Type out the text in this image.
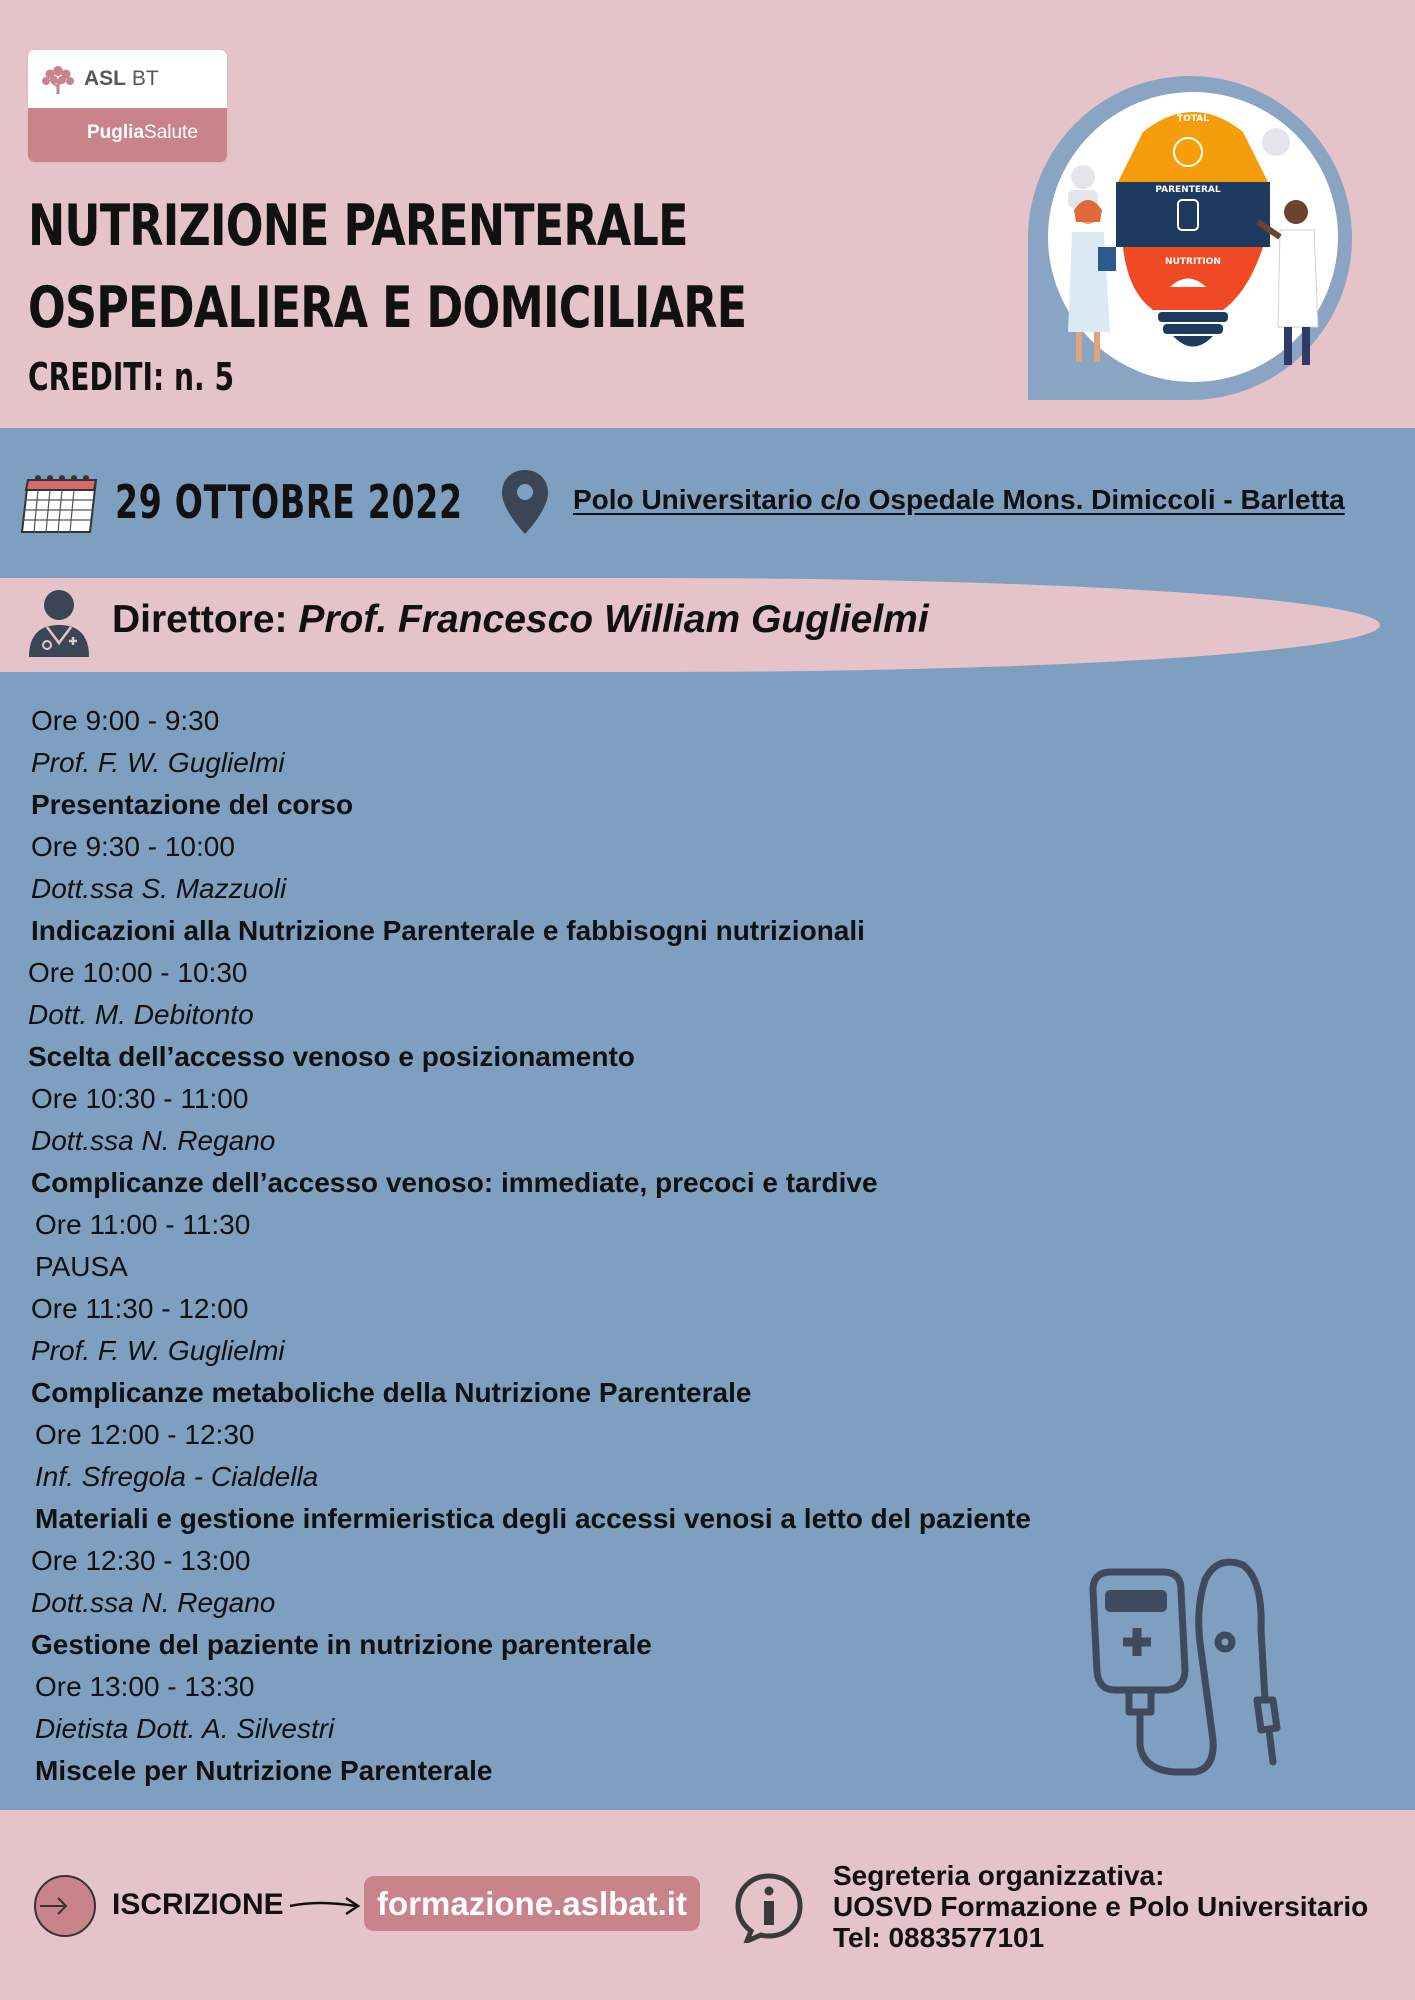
ASL BT
PugliaSalute
NUTRIZIONE PARENTERALE OSPEDALIERA E DOMICILIARE
CREDITI: n. 5
TOTAL
PARENTERAL
NUTRITION
29 OTTOBRE 2022	Polo Universitario c/o Ospedale Mons. Dimiccoli - Barletta
Direttore: Prof. Francesco William Guglielmi
Ore 9:00 - 9:30
Prof. F. W. Guglielmi
Presentazione del corso
Ore 9:30 - 10:00
Dott.ssa S. Mazzuoli
Indicazioni alla Nutrizione Parenterale e fabbisogni nutrizionali
Ore 10:00 - 10:30
Dott. M. Debitonto
Scelta dell’accesso venoso e posizionamento
Ore 10:30 - 11:00
Dott.ssa N. Regano
Complicanze dell’accesso venoso: immediate, precoci e tardive
Ore 11:00 - 11:30
PAUSA
Ore 11:30 - 12:00
Prof. F. W. Guglielmi
Complicanze metaboliche della Nutrizione Parenterale
Ore 12:00 - 12:30
Inf. Sfregola - Cialdella
Materiali e gestione infermieristica degli accessi venosi a letto del paziente
Ore 12:30 - 13:00
Dott.ssa N. Regano
Gestione del paziente in nutrizione parenterale
Ore 13:00 - 13:30
Dietista Dott. A. Silvestri
Miscele per Nutrizione Parenterale
ISCRIZIONE	formazione.aslbat.it
Segreteria organizzativa:
UOSVD Formazione e Polo Universitario
Tel: 0883577101
